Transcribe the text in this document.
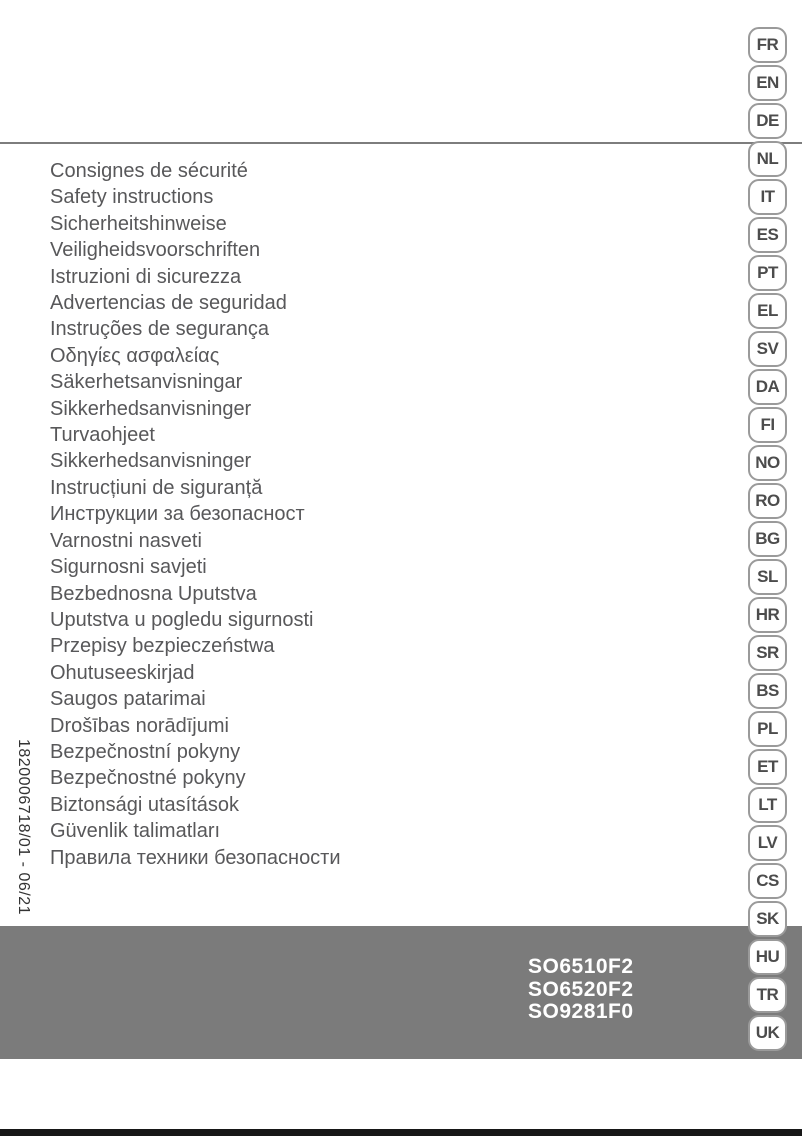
Consignes de sécurité
Safety instructions
Sicherheitshinweise
Veiligheidsvoorschriften
Istruzioni di sicurezza
Advertencias de seguridad
Instruções de segurança
Οδηγίες ασφαλείας
Säkerhetsanvisningar
Sikkerhedsanvisninger
Turvaohjeet
Sikkerhedsanvisninger
Instrucțiuni de siguranță
Инструкции за безопасност
Varnostni nasveti
Sigurnosni savjeti
Bezbednosna Uputstva
Uputstva u pogledu sigurnosti
Przepisy bezpieczeństwa
Ohutuseeskirjad
Saugos patarimai
Drošības norādījumi
Bezpečnostní pokyny
Bezpečnostné pokyny
Biztonsági utasítások
Güvenlik talimatları
Правила техники безопасности
FR
EN
DE
NL
IT
ES
PT
EL
SV
DA
FI
NO
RO
BG
SL
HR
SR
BS
PL
ET
LT
LV
CS
SK
HU
TR
UK
1820006718/01 - 06/21
SO6510F2
SO6520F2
SO9281F0
